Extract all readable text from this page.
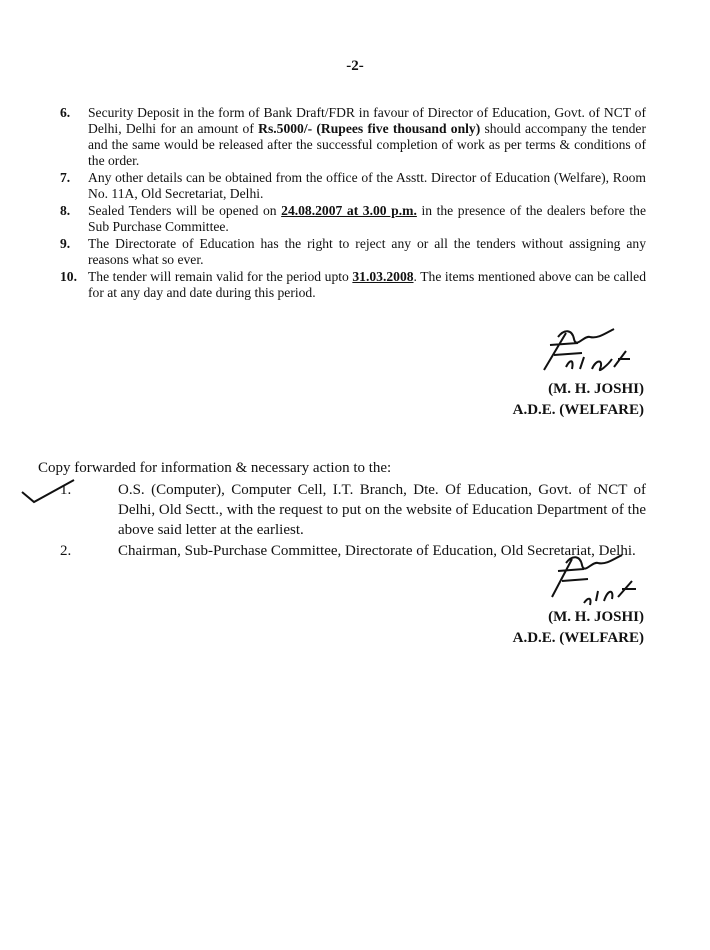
-2-
6.	Security Deposit in the form of Bank Draft/FDR in favour of Director of Education, Govt. of NCT of Delhi, Delhi for an amount of Rs.5000/- (Rupees five thousand only) should accompany the tender and the same would be released after the successful completion of work as per terms & conditions of the order.
7.	Any other details can be obtained from the office of the Asstt. Director of Education (Welfare), Room No. 11A, Old Secretariat, Delhi.
8.	Sealed Tenders will be opened on 24.08.2007 at 3.00 p.m. in the presence of the dealers before the Sub Purchase Committee.
9.	The Directorate of Education has the right to reject any or all the tenders without assigning any reasons what so ever.
10. The tender will remain valid for the period upto 31.03.2008. The items mentioned above can be called for at any day and date during this period.
(M. H. JOSHI)
A.D.E. (WELFARE)
Copy forwarded for information & necessary action to the:
1.	O.S. (Computer), Computer Cell, I.T. Branch, Dte. Of Education, Govt. of NCT of Delhi, Old Sectt., with the request to put on the website of Education Department of the above said letter at the earliest.
2.	Chairman, Sub-Purchase Committee, Directorate of Education, Old Secretariat, Delhi.
(M. H. JOSHI)
A.D.E. (WELFARE)
